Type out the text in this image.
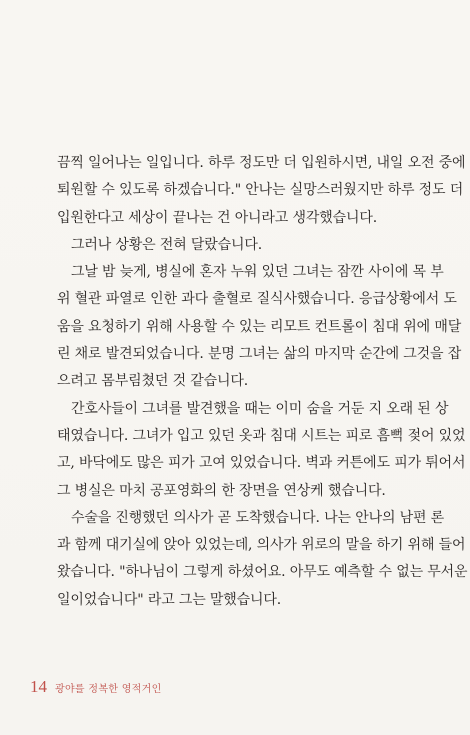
끔찍 일어나는 일입니다. 하루 정도만 더 입원하시면, 내일 오전 중에
퇴원할 수 있도록 하겠습니다." 안나는 실망스러웠지만 하루 정도 더
입원한다고 세상이 끝나는 건 아니라고 생각했습니다.
그러나 상황은 전혀 달랐습니다.
그날 밤 늦게, 병실에 혼자 누워 있던 그녀는 잠깐 사이에 목 부
위 혈관 파열로 인한 과다 출혈로 질식사했습니다. 응급상황에서 도
움을 요청하기 위해 사용할 수 있는 리모트 컨트롤이 침대 위에 매달
린 채로 발견되었습니다. 분명 그녀는 삶의 마지막 순간에 그것을 잡
으려고 몸부림쳤던 것 같습니다.
간호사들이 그녀를 발견했을 때는 이미 숨을 거둔 지 오래 된 상
태였습니다. 그녀가 입고 있던 옷과 침대 시트는 피로 흠뻑 젖어 있었
고, 바닥에도 많은 피가 고여 있었습니다. 벽과 커튼에도 피가 튀어서
그 병실은 마치 공포영화의 한 장면을 연상케 했습니다.
수술을 진행했던 의사가 곧 도착했습니다. 나는 안나의 남편 론
과 함께 대기실에 앉아 있었는데, 의사가 위로의 말을 하기 위해 들어
왔습니다. "하나님이 그렇게 하셨어요. 아무도 예측할 수 없는 무서운
일이었습니다" 라고 그는 말했습니다.
14 광야를 정복한 영적거인
